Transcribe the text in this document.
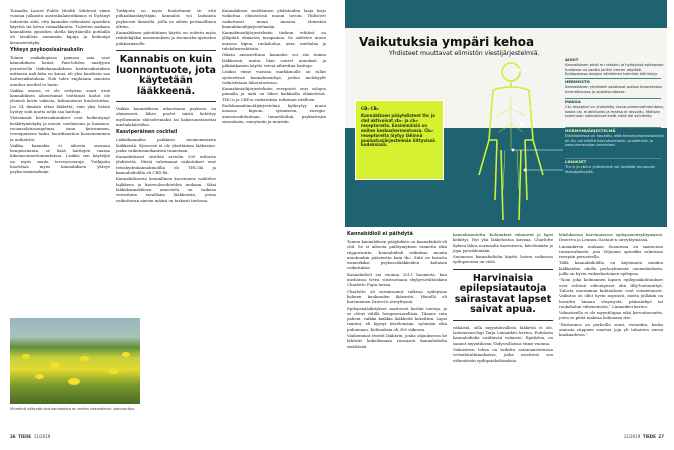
Toisaalta Lancet Public Health -lehdessä viime vuonna julkaistu australialaistutkimus ei löytänyt todisteita siitä, että kannabis vähentäisi opioidien käyttöä tai kivun voimakkuutta. Tulosten mukaan kannabista opioidien ohella käyttäneillä potilailla oli tavallista enemmän kipuja ja heikompi kivunsietokyky.

Yhteys psykoosisairauksiin

Toinen vaakakupissa painava asia ovat kannabiksen haitat. Pain-lehden analyysin perusteella lääkekannabiksen haittavaikutuksia mittaava nnh-luku on kuusi, eli yksi kuudesta saa haittavaikutuksia. Nnh tulee englannin sanoista number needed to harm.

Vaikka osassa ei ole erityisen suuri eroä kannabiksen aiheuttamat väittämät haitat ole yleensä kovin vakavia, kokonaisuus huolestuttaa. Jos 24 ihmistä ottaa lääkettä, vain yksi heistä hyötyy siitä mutta neljä saa haittoja.

Yleisimmät haittavaikutukset ovat heikentynyt keskittymiskyky ja muisti, uneliaisuus ja huimaus, ruoansulatusongelmat, suun kuivuminen, verenpaineen lasku, koordinaation huononeminen ja unihäiriöt.

Vaikka kannabis ei aiheuta suoraan hengenvaaraa, se lisää haittojen vaaraa liikenneonnettomuuksissa. Lisäksi sen käyttäjiä on myös muita terveysvaaroja. Tutkijoita huolettaa myös kannabiksen yhteys psykoosisairauksiin.

Tutkijoita on myös huolettanut se, että pitkäaikaiskäyttäjän kannabis voi laukaista psykoosin ihmisillä, joilla on siihen perinnöllinen alttius.

Kannabiksen päivittäinen käyttö on todettu myös riskitekijäksi masennuksen ja itsemurha-ajatusten puhkeamiselle.

Kannabis on kuin luonnontuote, jota käytetään lääkkeenä.

Vaikka kannabiksen aiheuttama psykoosi on ohimenevä, lähes puolet niistä kehittyy myöhemmin skitsofreniaksi tai kaksisuuntaiseksi mielialahäiriöksi.

Kasviperäinen cocktail

Lääkekannabis poikkeaa tavanomaisista lääkkeistä. Kyseessä ei ole yksittäinen lääkeaine, jonka vaikutusmekanismi tunnetaan.

Kannabiskasvi sisältää arviolta 500 erilaista yhdistettä. Niistä vahvimmat vaikutukset ovat tetrahydrokannabinolilla eli THC:llä ja kannabidiolilla eli CBD:llä.

Kannabiskasvin kemiallinen koostumus vaihtelee lajikkeen ja kasvuolosuhteiden mukaan. Siksi lääkekannabiksen annostelu on vaikeaa verrattuna tavallisiin lääkkeisiin, joissa vaikuttavan aineen määrä on tarkasti tiedossa.

Kannabiksen sisältämien yhdisteiden laaja kirjo vaikuttaa elimistössä monin tavoin. Yhdisteet vaikuttavat muun muassa elimistön kannabinoidijärjestelmään.

Kannabinoidijärjestelmän tärkein tehtävä on ylläpitää elimistön tasapainoa. Se säätelee muun muassa kipua, ruokahalua, unta, mielialaa ja tulehdusreaktioita.

Oikein annosteltuna kannabis voi siis toimia lääkkeenä, mutta liian suuret annokset ja pitkäaikainen käyttö voivat aiheuttaa haittoja.

Lisäksi viime vuosina markkinoille on tullut synteettisiä kannabinoideja, joiden molekyylit valmistetaan laboratoriossa.

Kannabinoidijärjestelmän reseptorit ovat solujen pinnalla ja niitä on lähes kaikkialla elimistössä. THC:n ja CBD:n vaikutuksia tutkitaan edelleen.

Endokannabinoidijärjestelmä kytkeytyy muun muassa kipuun, syömiseen, energia-aineenvaihduntaan, tunnetiloihin, psykiatrisiin sairauksiin, unirytmiin ja muistiin.

Vihreänä näkyvää cbd-kannabista on eniten kasvattanut luomuyritys.
26 TIEDE 11/2019
Vaikutuksia ympäri kehoa
Yhdisteet muuttavat elimistön viestijärjestelmiä.
CB₁ CB₂
Kannabiksen pääyhdisteet thc ja cbd aktivoivat cb₁- ja cb₂-reseptoreita. Ensimmäisiä on eniten keskushermostossa. Cb₂-reseptoreita löytyy lähinnä puolustusjärjestelmän liittyvissä kudoksissa.
AIVOT
Kannabiksen ehkä eri rakohin ja hyödyissä epilepsian hoidossa on saattu jonkin verran näyttöä. Epilepsiassa aivojen sähköinen toiminta häiriintyy.
HERMOSTO
Kannabiksen yhdisteet saattavat auttaa kroonisessa hermokivussa ja spastisuudessa.
MAKSA
Cb₁-reseptori on yhdistetty rasva-aineenvaihduntaan, koska cb₁ ei aktivoidu ja maksa ei rasvoitu. Maksan toiminnan vaikutukset eivät vielä ole selvitetty.
HORMONIJÄRJESTELMÄ
Eläinkokeissa on havaittu, että tetrahydrokannabinoli eli thc voi häiritä kasvuhormonin, prolaktiinin ja kasvuhormonien toimintaa.
LIHAKSET
Thc:n ja cbd:n yhdistelmä voi lievittää ms-taudin lihasjäykkyyttä.
Kannabidioli ei päihdytä

Toinen kannabiksen pääyhdiste on kannabidioli eli cbd. Se ei aiheuta päihtymyksen tunnetta eikä riippuvuutta. Kannabidioli vaikuttaa moniin muuhunkin pääviestin kuin thc. Siitä on kuvattu esimerkiksi psykoosilääkkeiden kaltaisia vaikutuksia.

Kannabidioli sai vuonna 2013 huomiota, kun medioissa levisi viisivuotiaan rhyhyvuvaltaiskien Charlotte Figin tarina.

Charlotte oli saisairaanut vaikeaa epilepsiaa kolmen kuukauden ikäisestä. Hänellä oli harvinainen Dravet'n oireyhtymä.

Epilepsialääkitykset saattoivat kestää tunteja, ja se olivat välillä hengenvaarallisia. Tilanne vain paheni, vaikka kaikkia lääkkeitä kokeiltiin. Lapsi taantui, eli kyynyt kävelemään, syömään eikä puhumaan. Kohtauksia oli 300 viikossa.

Vanhemmat etsivät lääkärin, jonka ohjauksessa he lähtivät kokeilemaan runsaasti kannabidiolia sisältävää

kannabisuutetta. Kohtaukset vähenivät ja lapsi kehittyi. Nyt yhä lääkehoitoa kuvana. Charlotte kykeni lähes normaalin kasvuiseen, kävelemään ja jopa pyöräilemään.

Suomessa kannabidiolin käyttö lasten vaikeissa epilepsioissa on vielä

Harvinaisia epilepsiatautoja sairastavat lapset saivat apua.

vähäistä, sillä myyntiluvallista lääkettä ei ole, lastenneurologi Tarja Linnankivi kertoo. Puhdasta kannabidiolia sisältävää valmiste, Epidiolex, on saanut myyntiluvan Yhdysvalloissa viime vuonna.

Valmisteen tehoa on tutkittu satunnaistetuissa vertailututkimuksissa, jotka osoittivat sen vähentävän epilepsiakohtauksia

lähdoksessa harvinaisessa epilepsiaoireyhtymässä, Dravet'n ja Lennox–Gastaut'n oireyhtymässä.

Linnankiven mukaan Suomessa on saatavissa tuotanvalmiste, jota Viljoinen apteekki valmistaa reseptin perusteella.

Tällä kannabidiolilla on käytännön muiden lääkkeiden ohella perheyhmentä suomalaislasta, joilla on hyvin vaikeahoitoinen epilepsia.

”Noin joka kolmannen lapsen epilepsiakohtaukset ovat selvästi vähentyneet ehti tilly-hoitomittyä. Tulosta muutaman kohtauksen ovat voimistuneet. Vaikutus on ollut hyvin nopeasti, mutta joillakin on havaittu hinnan väsymystä, päänsärkyä tai ruokahalun vähenemistä,” Linnankivi kertoo.

Valmisteella ei ole myyntilupaa eikä korvattavuutta, joten se pitää maksaa kokonaan itse.

”Kustannus on perheille suuri, varsinkin, koska annosta riippuen suurtaa joja yli tuhanten euron kuukaudessa.”

11/2019 TIEDE 27
